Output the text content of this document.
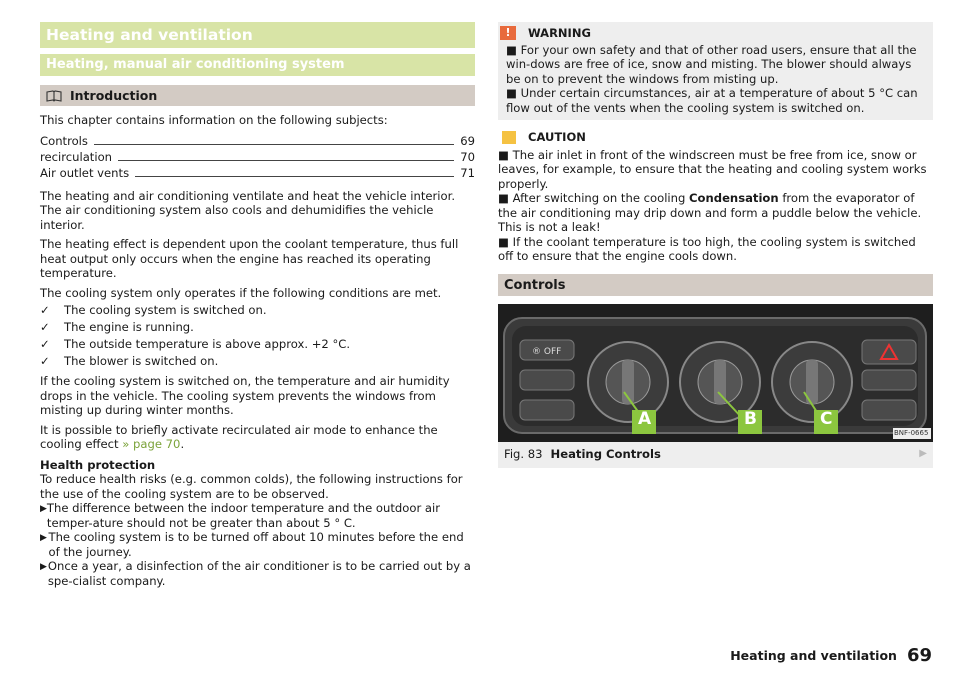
Heating and ventilation
Heating, manual air conditioning system
Introduction

This chapter contains information on the following subjects:

Controls	69
recirculation	70
Air outlet vents	71

The heating and air conditioning ventilate and heat the vehicle interior. The air conditioning system also cools and dehumidifies the vehicle interior.

The heating effect is dependent upon the coolant temperature, thus full heat output only occurs when the engine has reached its operating temperature.

The cooling system only operates if the following conditions are met.

✓	The cooling system is switched on.
✓	The engine is running.
✓	The outside temperature is above approx. +2 °C.
✓	The blower is switched on.

If the cooling system is switched on, the temperature and air humidity drops in the vehicle. The cooling system prevents the windows from misting up during winter months.

It is possible to briefly activate recirculated air mode to enhance the cooling effect » page 70.

Health protection

To reduce health risks (e.g. common colds), the following instructions for the use of the cooling system are to be observed.
▶ The difference between the indoor temperature and the outdoor air temper-ature should not be greater than about 5 ° C.
▶ The cooling system is to be turned off about 10 minutes before the end of the journey.
▶ Once a year, a disinfection of the air conditioner is to be carried out by a spe-cialist company.
!	WARNING
■ For your own safety and that of other road users, ensure that all the win-dows are free of ice, snow and misting. The blower should always be on to prevent the windows from misting up.
■ Under certain circumstances, air at a temperature of about 5 °C can flow out of the vents when the cooling system is switched on.
CAUTION
■ The air inlet in front of the windscreen must be free from ice, snow or leaves, for example, to ensure that the heating and cooling system works properly.
■ After switching on the cooling Condensation from the evaporator of the air conditioning may drip down and form a puddle below the vehicle. This is not a leak!
■ If the coolant temperature is too high, the cooling system is switched off to ensure that the engine cools down.
Controls
® OFF
A	B	C
BNF-0665
Fig. 83 Heating Controls	▶
Heating and ventilation 69
